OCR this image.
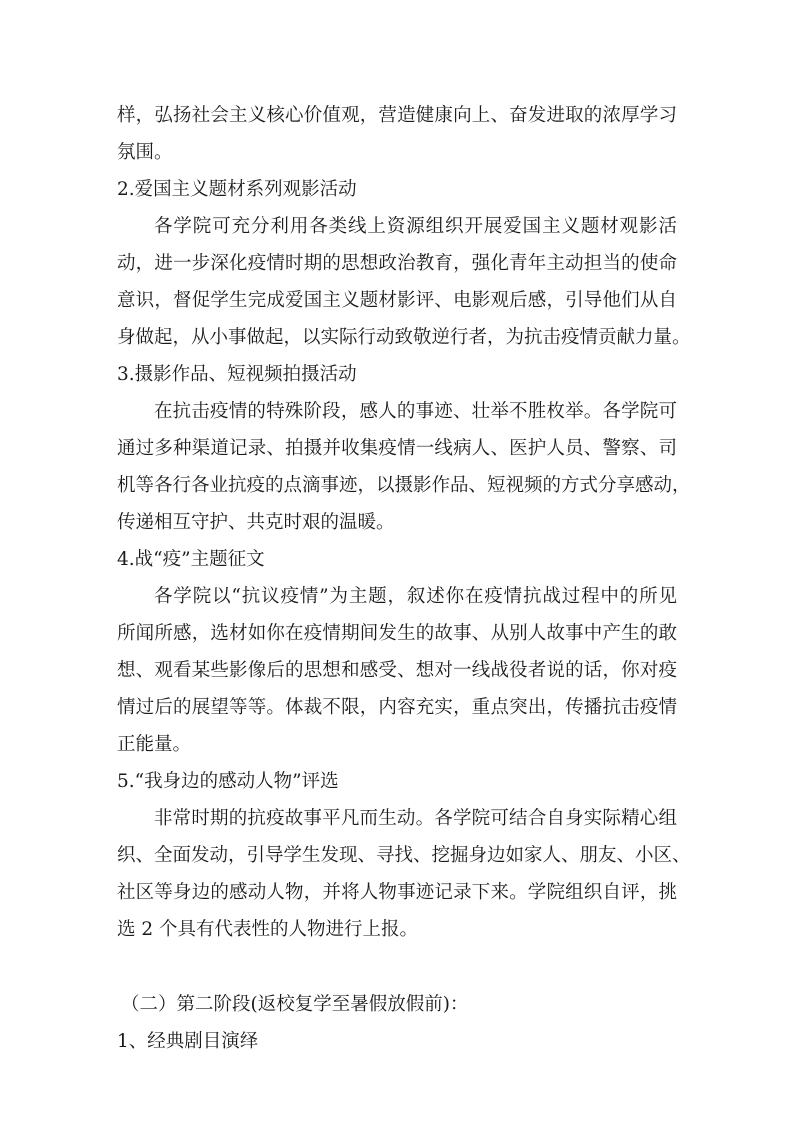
样，弘扬社会主义核心价值观，营造健康向上、奋发进取的浓厚学习
氛围。
2.爱国主义题材系列观影活动
各学院可充分利用各类线上资源组织开展爱国主义题材观影活
动，进一步深化疫情时期的思想政治教育，强化青年主动担当的使命
意识，督促学生完成爱国主义题材影评、电影观后感，引导他们从自
身做起，从小事做起，以实际行动致敬逆行者，为抗击疫情贡献力量。
3.摄影作品、短视频拍摄活动
在抗击疫情的特殊阶段，感人的事迹、壮举不胜枚举。各学院可
通过多种渠道记录、拍摄并收集疫情一线病人、医护人员、警察、司
机等各行各业抗疫的点滴事迹，以摄影作品、短视频的方式分享感动，
传递相互守护、共克时艰的温暖。
4.战“疫”主题征文
各学院以“抗议疫情”为主题，叙述你在疫情抗战过程中的所见
所闻所感，选材如你在疫情期间发生的故事、从别人故事中产生的敢
想、观看某些影像后的思想和感受、想对一线战役者说的话，你对疫
情过后的展望等等。体裁不限，内容充实，重点突出，传播抗击疫情
正能量。
5.“我身边的感动人物”评选
非常时期的抗疫故事平凡而生动。各学院可结合自身实际精心组
织、全面发动，引导学生发现、寻找、挖掘身边如家人、朋友、小区、
社区等身边的感动人物，并将人物事迹记录下来。学院组织自评，挑
选 2 个具有代表性的人物进行上报。
（二）第二阶段(返校复学至暑假放假前)：
1、经典剧目演绎
